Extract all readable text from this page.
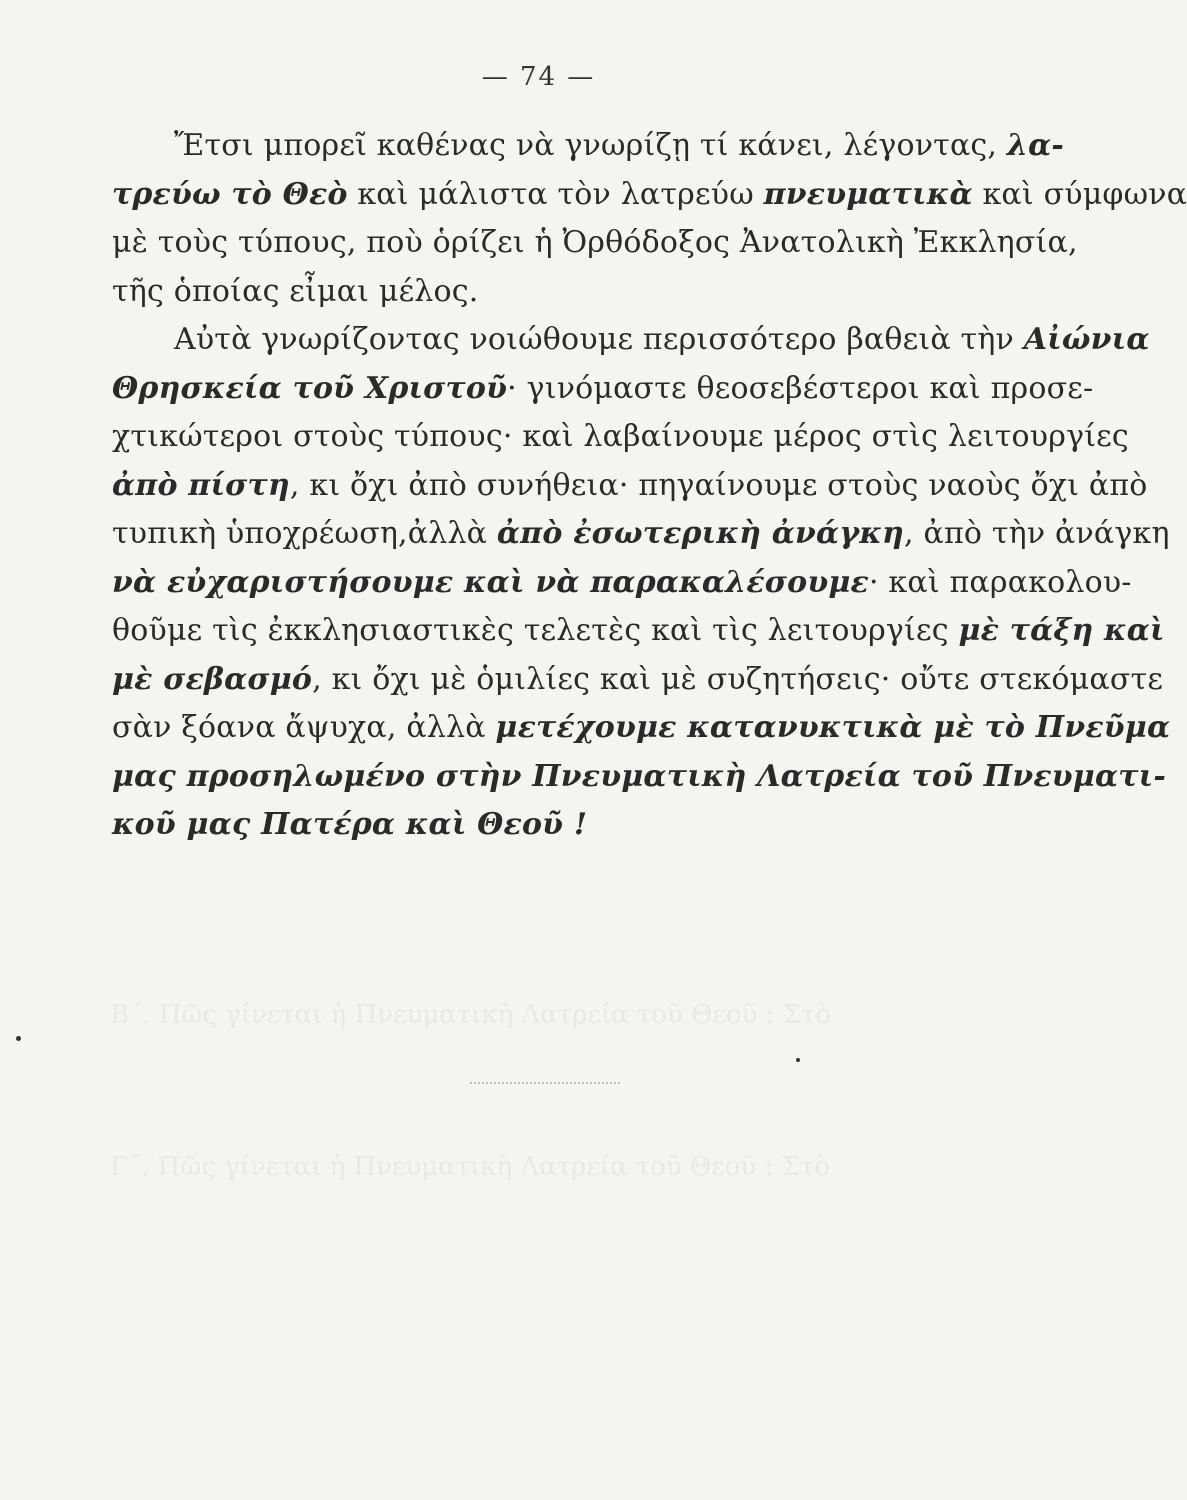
Β΄. Πῶς γίνεται ἡ Πνευματικὴ Λατρεία τοῦ Θεοῦ : Στὸ
Γ΄. Πῶς γίνεται ἡ Πνευματικὴ Λατρεία τοῦ Θεοῦ : Στὸ
— 74 —
Ἔτσι μπορεῖ καθένας νὰ γνωρίζῃ τί κάνει, λέγοντας, λα-
τρεύω τὸ Θεὸ καὶ μάλιστα τὸν λατρεύω πνευματικὰ καὶ σύμφωνα
μὲ τοὺς τύπους, ποὺ ὁρίζει ἡ Ὀρθόδοξος Ἀνατολικὴ Ἐκκλησία,
τῆς ὁποίας εἶμαι μέλος.
Αὐτὰ γνωρίζοντας νοιώθουμε περισσότερο βαθειὰ τὴν Αἰώνια
Θρησκεία τοῦ Χριστοῦ· γινόμαστε θεοσεβέστεροι καὶ προσε-
χτικώτεροι στοὺς τύπους· καὶ λαβαίνουμε μέρος στὶς λειτουργίες
ἀπὸ πίστη, κι ὄχι ἀπὸ συνήθεια· πηγαίνουμε στοὺς ναοὺς ὄχι ἀπὸ
τυπικὴ ὑποχρέωση,ἀλλὰ ἀπὸ ἐσωτερικὴ ἀνάγκη, ἀπὸ τὴν ἀνάγκη
νὰ εὐχαριστήσουμε καὶ νὰ παρακαλέσουμε· καὶ παρακολου-
θοῦμε τὶς ἐκκλησιαστικὲς τελετὲς καὶ τὶς λειτουργίες μὲ τάξη καὶ
μὲ σεβασμό, κι ὄχι μὲ ὁμιλίες καὶ μὲ συζητήσεις· οὔτε στεκόμαστε
σὰν ξόανα ἄψυχα, ἀλλὰ μετέχουμε κατανυκτικὰ μὲ τὸ Πνεῦμα
μας προσηλωμένο στὴν Πνευματικὴ Λατρεία τοῦ Πνευματι-
κοῦ μας Πατέρα καὶ Θεοῦ !
